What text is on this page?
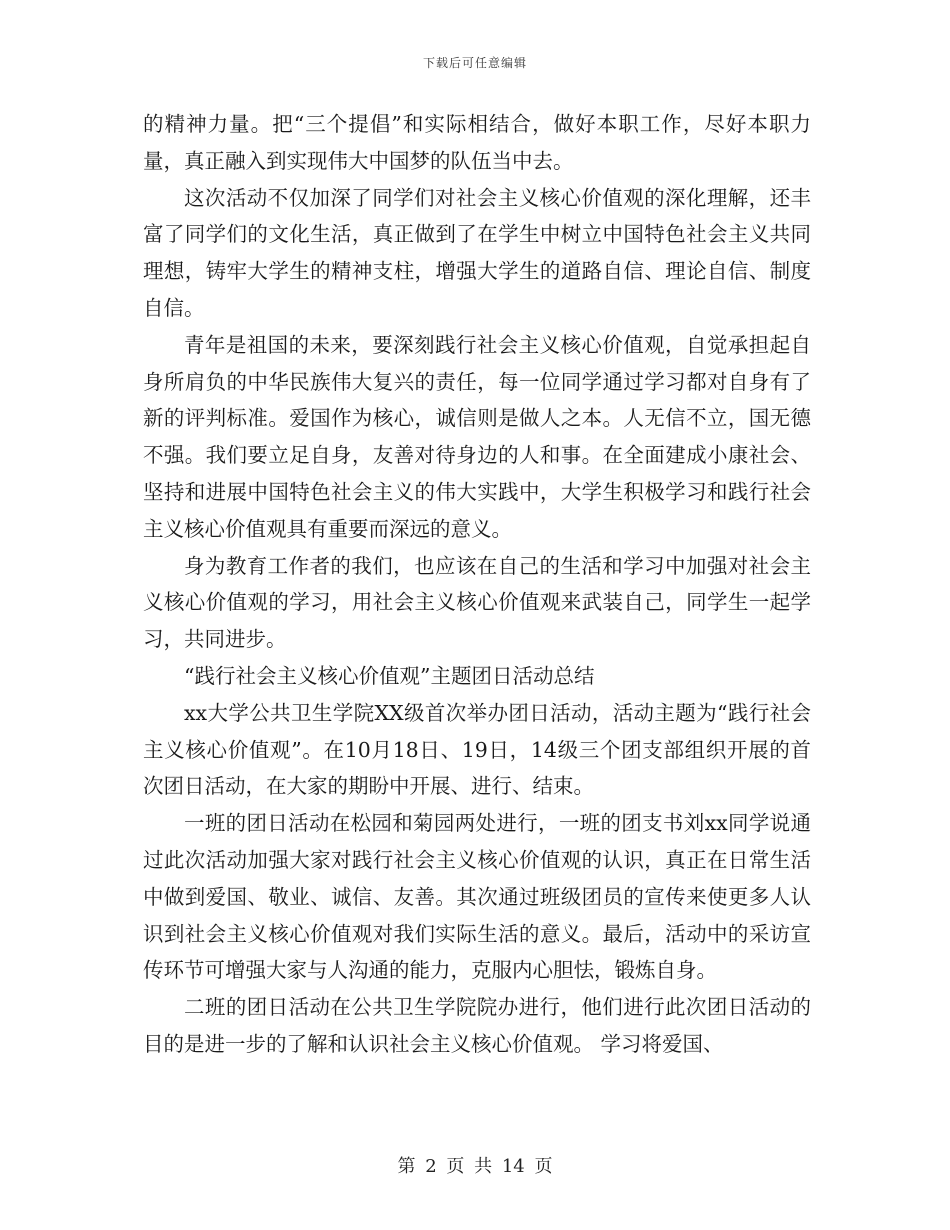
下载后可任意编辑

的精神力量。把“三个提倡”和实际相结合，做好本职工作，尽好本职力量，真正融入到实现伟大中国梦的队伍当中去。

这次活动不仅加深了同学们对社会主义核心价值观的深化理解，还丰富了同学们的文化生活，真正做到了在学生中树立中国特色社会主义共同理想，铸牢大学生的精神支柱，增强大学生的道路自信、理论自信、制度自信。

青年是祖国的未来，要深刻践行社会主义核心价值观，自觉承担起自身所肩负的中华民族伟大复兴的责任，每一位同学通过学习都对自身有了新的评判标准。爱国作为核心，诚信则是做人之本。人无信不立，国无德不强。我们要立足自身，友善对待身边的人和事。在全面建成小康社会、坚持和进展中国特色社会主义的伟大实践中，大学生积极学习和践行社会主义核心价值观具有重要而深远的意义。

身为教育工作者的我们，也应该在自己的生活和学习中加强对社会主义核心价值观的学习，用社会主义核心价值观来武装自己，同学生一起学习，共同进步。

“践行社会主义核心价值观”主题团日活动总结

xx大学公共卫生学院XX级首次举办团日活动，活动主题为“践行社会主义核心价值观”。在10月18日、19日，14级三个团支部组织开展的首次团日活动，在大家的期盼中开展、进行、结束。

一班的团日活动在松园和菊园两处进行，一班的团支书刘xx同学说通过此次活动加强大家对践行社会主义核心价值观的认识，真正在日常生活中做到爱国、敬业、诚信、友善。其次通过班级团员的宣传来使更多人认识到社会主义核心价值观对我们实际生活的意义。最后，活动中的采访宣传环节可增强大家与人沟通的能力，克服内心胆怯，锻炼自身。

二班的团日活动在公共卫生学院院办进行，他们进行此次团日活动的目的是进一步的了解和认识社会主义核心价值观。 学习将爱国、

第 2 页 共 14 页
